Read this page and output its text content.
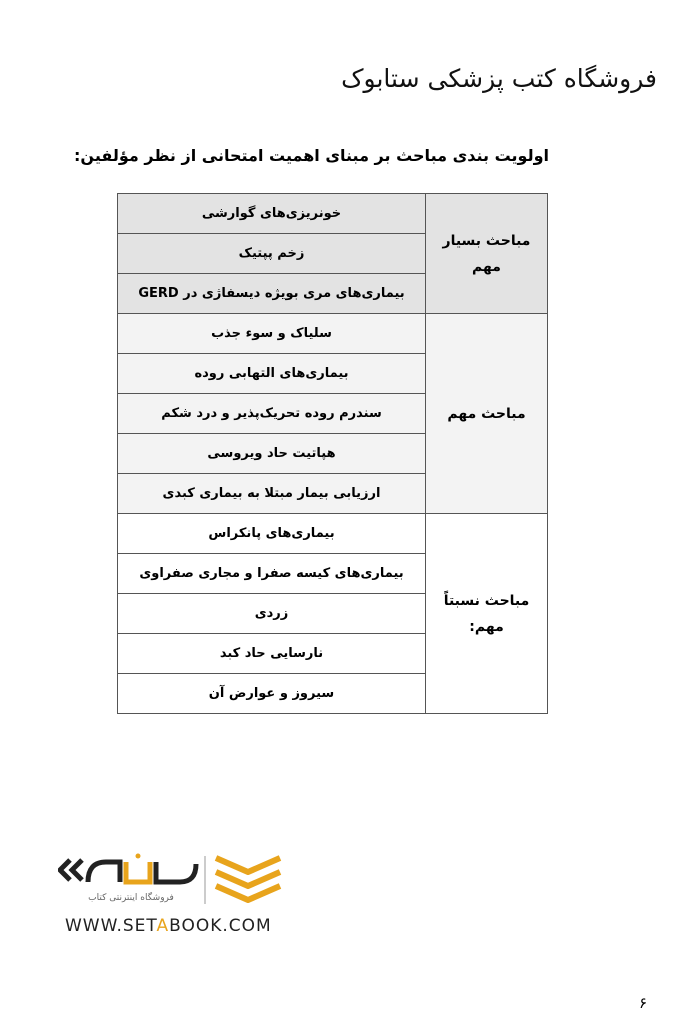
فروشگاه کتب پزشکی ستابوک
اولویت بندی مباحث بر مبنای اهمیت امتحانی از نظر مؤلفین:
مباحث بسیار مهم	خونریزی‌های گوارشی
	زخم پپتیک
	بیماری‌های مری بویژه دیسفاژی در GERD
مباحث مهم	سلیاک و سوء جذب
	بیماری‌های التهابی روده
	سندرم روده تحریک‌پذیر و درد شکم
	هپاتیت حاد ویروسی
	ارزیابی بیمار مبتلا به بیماری کبدی
مباحث نسبتاً مهم:	بیماری‌های پانکراس
	بیماری‌های کیسه صفرا و مجاری صفراوی
	زردی
	نارسایی حاد کبد
	سیروز و عوارض آن
فروشگاه اینترنتی کتاب
WWW.SETABOOK.COM
۶
